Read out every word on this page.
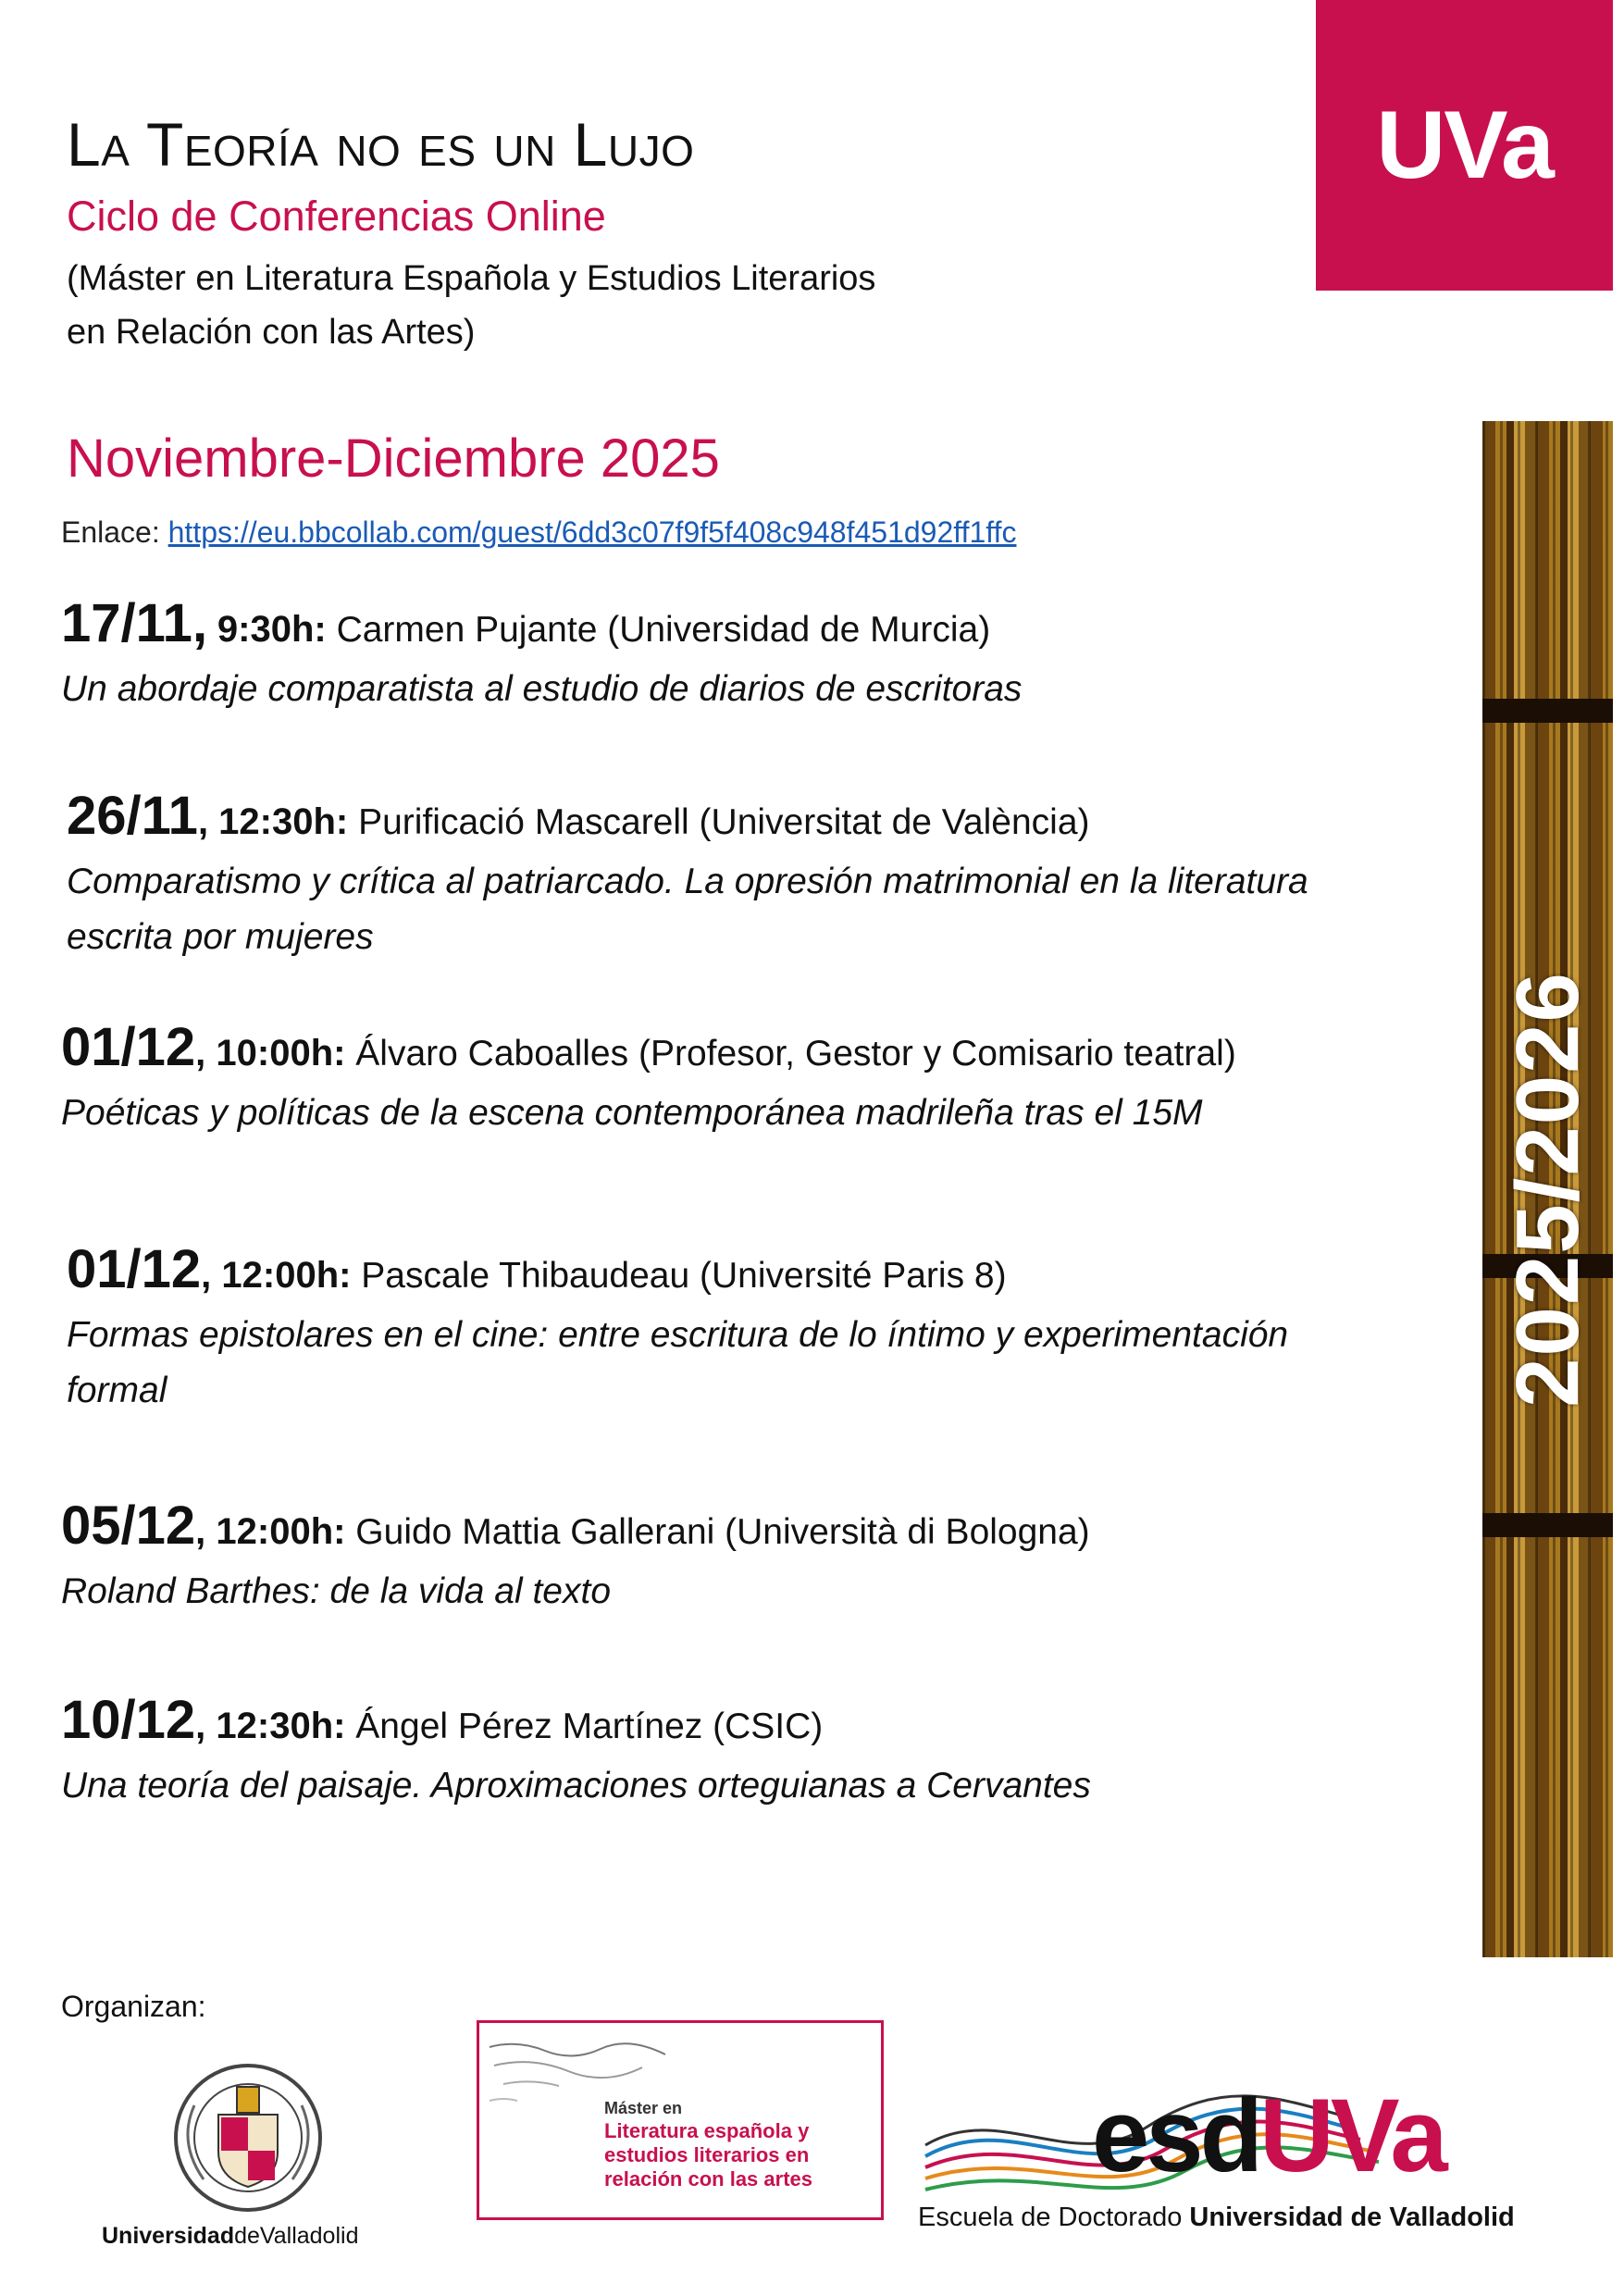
UVa
La Teoría no es un Lujo
Ciclo de Conferencias Online
(Máster en Literatura Española y Estudios Literarios en Relación con las Artes)
Noviembre-Diciembre 2025
Enlace: https://eu.bbcollab.com/guest/6dd3c07f9f5f408c948f451d92ff1ffc
17/11, 9:30h: Carmen Pujante (Universidad de Murcia)
Un abordaje comparatista al estudio de diarios de escritoras
26/11, 12:30h: Purificació Mascarell (Universitat de València)
Comparatismo y crítica al patriarcado. La opresión matrimonial en la literatura escrita por mujeres
01/12, 10:00h: Álvaro Caboalles (Profesor, Gestor y Comisario teatral)
Poéticas y políticas de la escena contemporánea madrileña tras el 15M
01/12, 12:00h: Pascale Thibaudeau (Université Paris 8)
Formas epistolares en el cine: entre escritura de lo íntimo y experimentación formal
05/12, 12:00h: Guido Mattia Gallerani (Università di Bologna)
Roland Barthes: de la vida al texto
10/12, 12:30h: Ángel Pérez Martínez (CSIC)
Una teoría del paisaje. Aproximaciones orteguianas a Cervantes
2025/2026
Organizan:
UniversidaddeValladolid
Máster en
Literatura española y estudios literarios en relación con las artes	esdUVa
Escuela de Doctorado Universidad de Valladolid
